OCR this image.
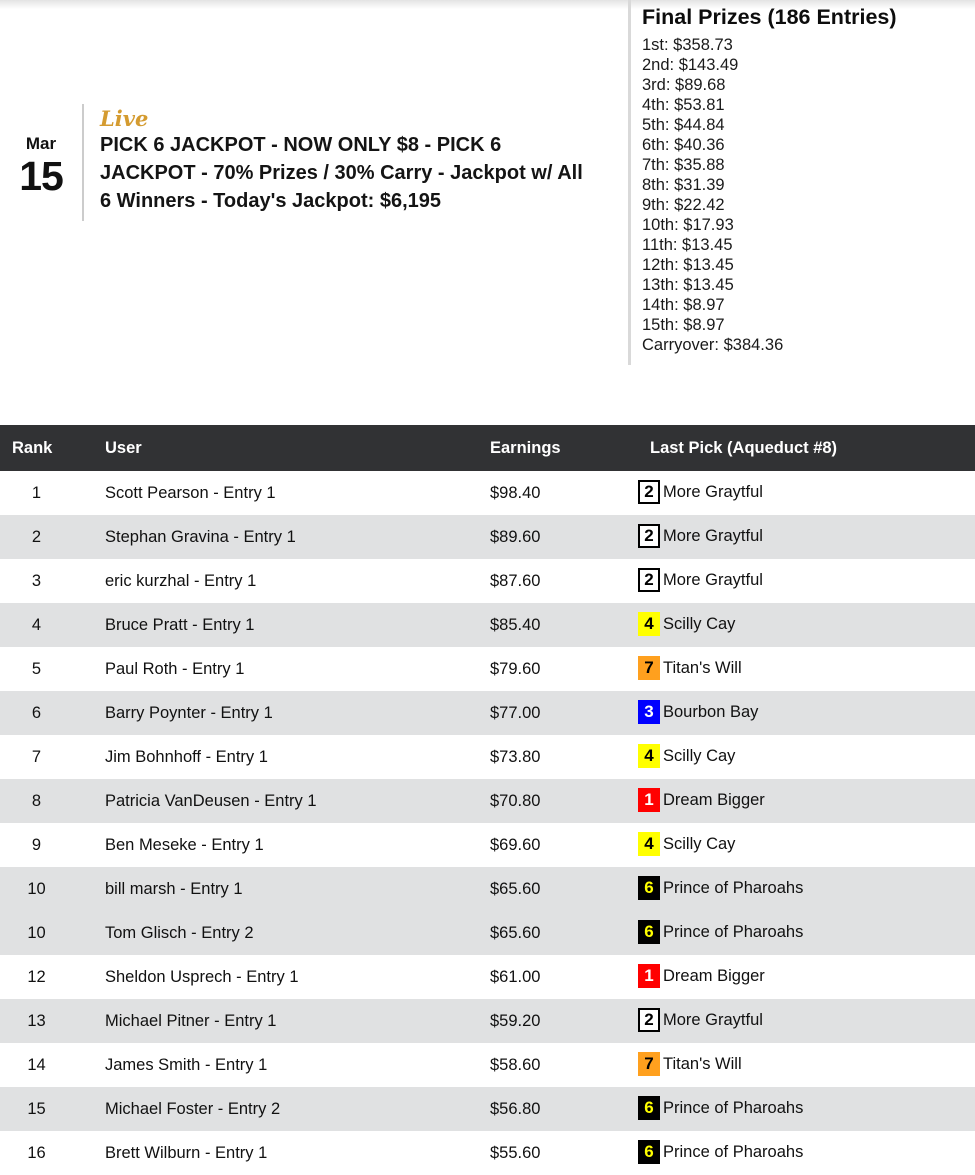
Mar
15
Live
PICK 6 JACKPOT - NOW ONLY $8 - PICK 6 JACKPOT - 70% Prizes / 30% Carry - Jackpot w/ All 6 Winners - Today's Jackpot: $6,195
Final Prizes (186 Entries)
1st: $358.73
2nd: $143.49
3rd: $89.68
4th: $53.81
5th: $44.84
6th: $40.36
7th: $35.88
8th: $31.39
9th: $22.42
10th: $17.93
11th: $13.45
12th: $13.45
13th: $13.45
14th: $8.97
15th: $8.97
Carryover: $384.36
Rank	User	Earnings	Last Pick (Aqueduct #8)
1	Scott Pearson - Entry 1	$98.40	2 More Graytful
2	Stephan Gravina - Entry 1	$89.60	2 More Graytful
3	eric kurzhal - Entry 1	$87.60	2 More Graytful
4	Bruce Pratt - Entry 1	$85.40	4 Scilly Cay
5	Paul Roth - Entry 1	$79.60	7 Titan's Will
6	Barry Poynter - Entry 1	$77.00	3 Bourbon Bay
7	Jim Bohnhoff - Entry 1	$73.80	4 Scilly Cay
8	Patricia VanDeusen - Entry 1	$70.80	1 Dream Bigger
9	Ben Meseke - Entry 1	$69.60	4 Scilly Cay
10	bill marsh - Entry 1	$65.60	6 Prince of Pharoahs
10	Tom Glisch - Entry 2	$65.60	6 Prince of Pharoahs
12	Sheldon Usprech - Entry 1	$61.00	1 Dream Bigger
13	Michael Pitner - Entry 1	$59.20	2 More Graytful
14	James Smith - Entry 1	$58.60	7 Titan's Will
15	Michael Foster - Entry 2	$56.80	6 Prince of Pharoahs
16	Brett Wilburn - Entry 1	$55.60	6 Prince of Pharoahs
